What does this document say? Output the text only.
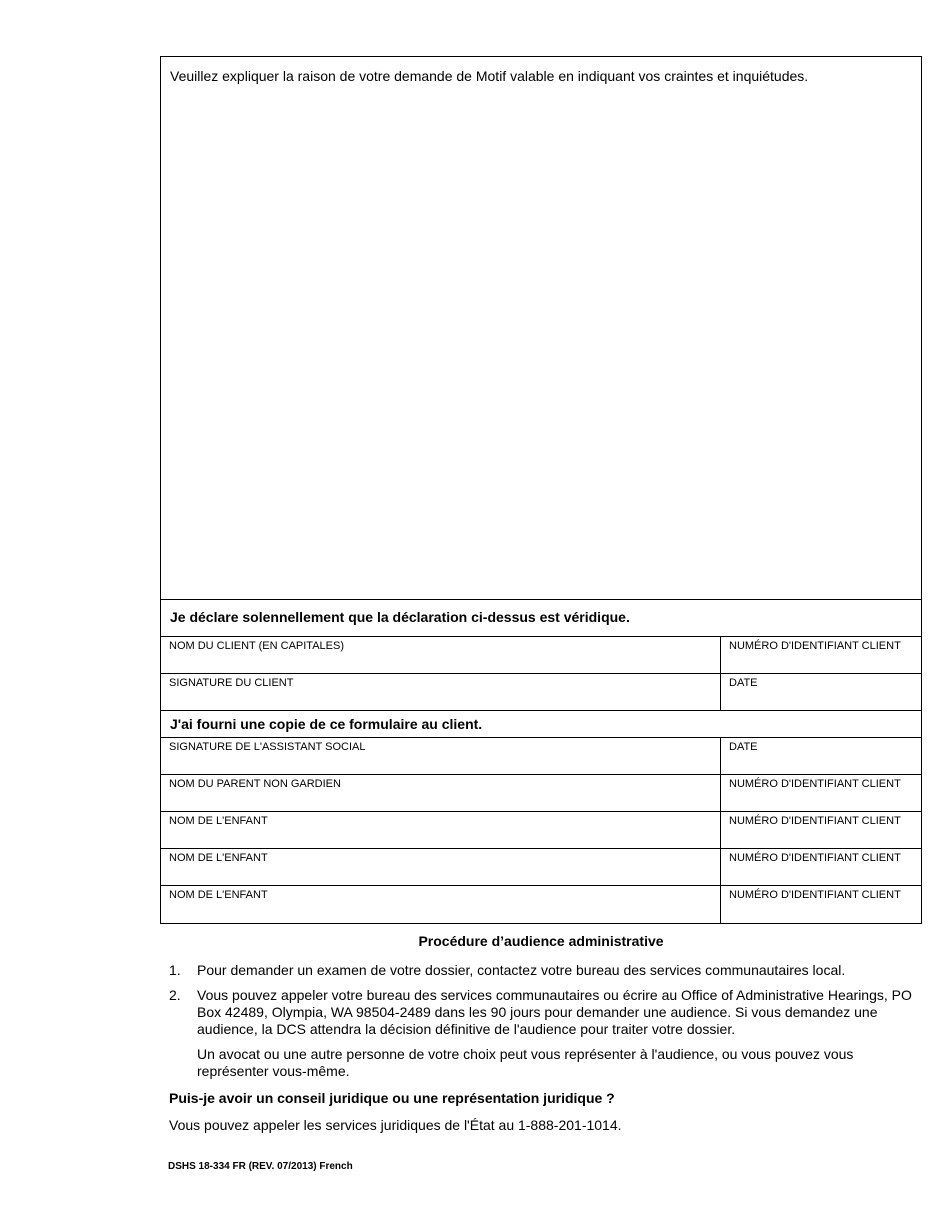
Veuillez expliquer la raison de votre demande de Motif valable en indiquant vos craintes et inquiétudes.
Je déclare solennellement que la déclaration ci-dessus est véridique.
NOM DU CLIENT (EN CAPITALES)	NUMÉRO D'IDENTIFIANT CLIENT
SIGNATURE DU CLIENT	DATE
J'ai fourni une copie de ce formulaire au client.
SIGNATURE DE L'ASSISTANT SOCIAL	DATE
NOM DU PARENT NON GARDIEN	NUMÉRO D'IDENTIFIANT CLIENT
NOM DE L'ENFANT	NUMÉRO D'IDENTIFIANT CLIENT
NOM DE L'ENFANT	NUMÉRO D'IDENTIFIANT CLIENT
NOM DE L'ENFANT	NUMÉRO D'IDENTIFIANT CLIENT
Procédure d’audience administrative
1.	Pour demander un examen de votre dossier, contactez votre bureau des services communautaires local.
2.	Vous pouvez appeler votre bureau des services communautaires ou écrire au Office of Administrative Hearings, PO Box 42489, Olympia, WA 98504-2489 dans les 90 jours pour demander une audience. Si vous demandez une audience, la DCS attendra la décision définitive de l'audience pour traiter votre dossier.
Un avocat ou une autre personne de votre choix peut vous représenter à l'audience, ou vous pouvez vous représenter vous-même.
Puis-je avoir un conseil juridique ou une représentation juridique ?
Vous pouvez appeler les services juridiques de l'État au 1-888-201-1014.
DSHS 18-334 FR (REV. 07/2013) French
